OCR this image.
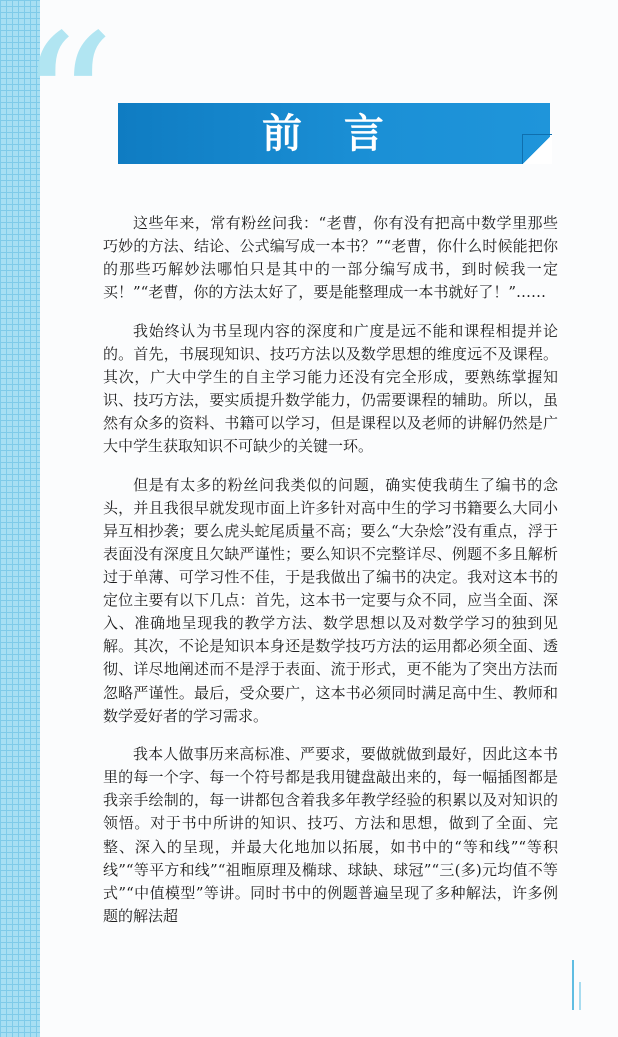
“	前 言

这些年来，常有粉丝问我：“老曹，你有没有把高中数学里那些巧妙的方法、结论、公式编写成一本书？”“老曹，你什么时候能把你的那些巧解妙法哪怕只是其中的一部分编写成书，到时候我一定买！”“老曹，你的方法太好了，要是能整理成一本书就好了！”……

我始终认为书呈现内容的深度和广度是远不能和课程相提并论的。首先，书展现知识、技巧方法以及数学思想的维度远不及课程。其次，广大中学生的自主学习能力还没有完全形成，要熟练掌握知识、技巧方法，要实质提升数学能力，仍需要课程的辅助。所以，虽然有众多的资料、书籍可以学习，但是课程以及老师的讲解仍然是广大中学生获取知识不可缺少的关键一环。

但是有太多的粉丝问我类似的问题，确实使我萌生了编书的念头，并且我很早就发现市面上许多针对高中生的学习书籍要么大同小异互相抄袭；要么虎头蛇尾质量不高；要么“大杂烩”没有重点，浮于表面没有深度且欠缺严谨性；要么知识不完整详尽、例题不多且解析过于单薄、可学习性不佳，于是我做出了编书的决定。我对这本书的定位主要有以下几点：首先，这本书一定要与众不同，应当全面、深入、准确地呈现我的教学方法、数学思想以及对数学学习的独到见解。其次，不论是知识本身还是数学技巧方法的运用都必须全面、透彻、详尽地阐述而不是浮于表面、流于形式，更不能为了突出方法而忽略严谨性。最后，受众要广，这本书必须同时满足高中生、教师和数学爱好者的学习需求。

我本人做事历来高标准、严要求，要做就做到最好，因此这本书里的每一个字、每一个符号都是我用键盘敲出来的，每一幅插图都是我亲手绘制的，每一讲都包含着我多年教学经验的积累以及对知识的领悟。对于书中所讲的知识、技巧、方法和思想，做到了全面、完整、深入的呈现，并最大化地加以拓展，如书中的“等和线”“等积线”“等平方和线”“祖暅原理及椭球、球缺、球冠”“三(多)元均值不等式”“中值模型”等讲。同时书中的例题普遍呈现了多种解法，许多例题的解法超
